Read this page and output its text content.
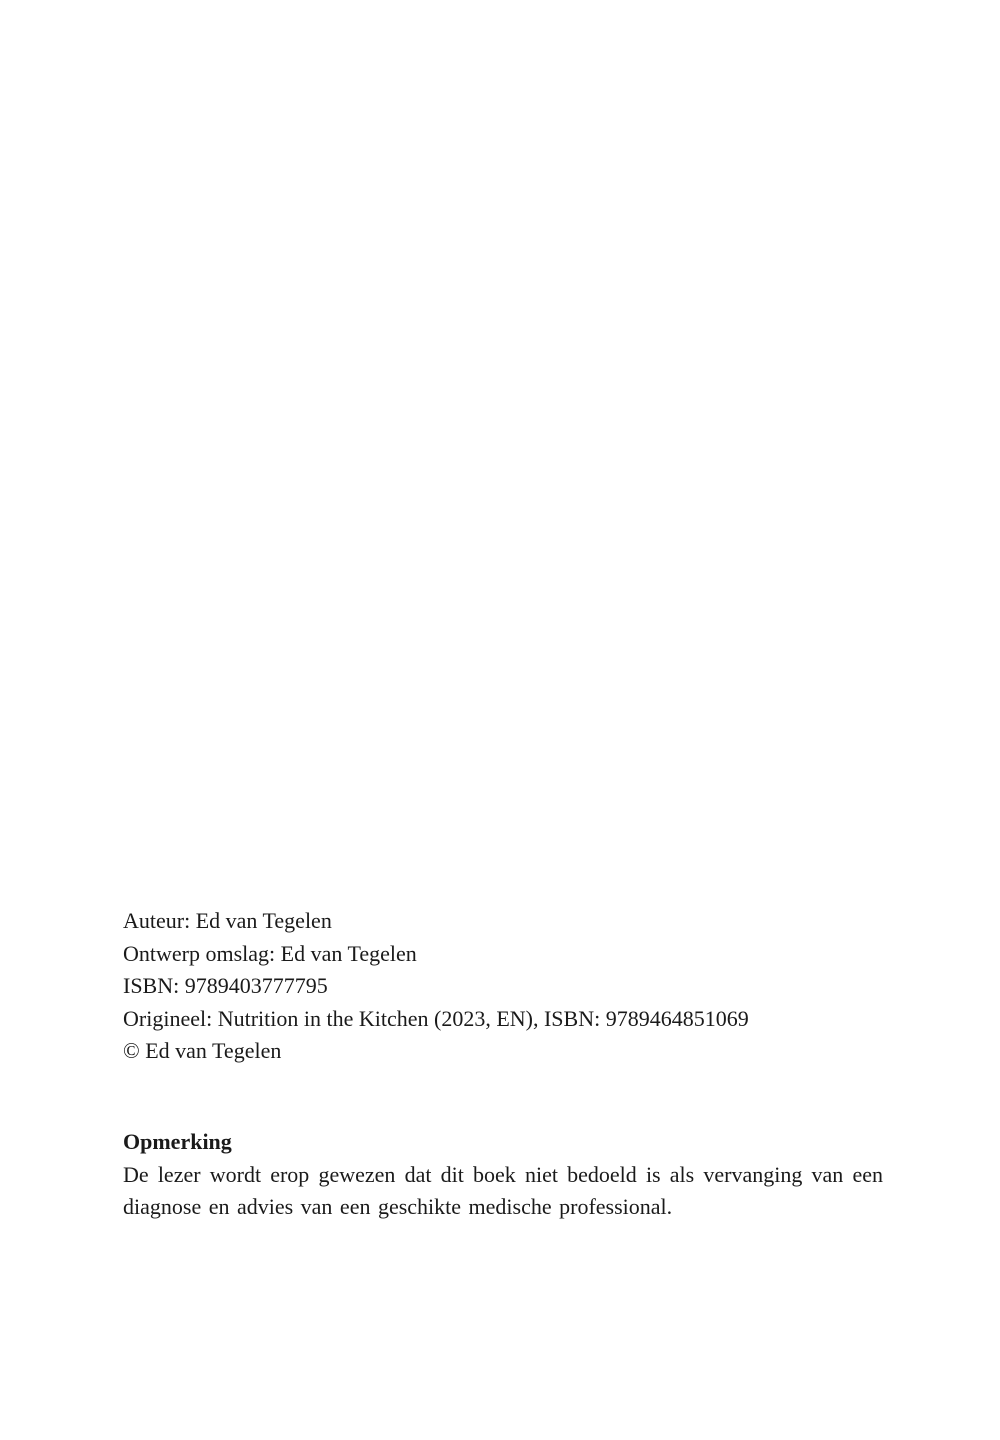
Auteur: Ed van Tegelen
Ontwerp omslag: Ed van Tegelen
ISBN: 9789403777795
Origineel: Nutrition in the Kitchen (2023, EN), ISBN: 9789464851069
© Ed van Tegelen
Opmerking

De lezer wordt erop gewezen dat dit boek niet bedoeld is als vervanging van een diagnose en advies van een geschikte medische professional.
